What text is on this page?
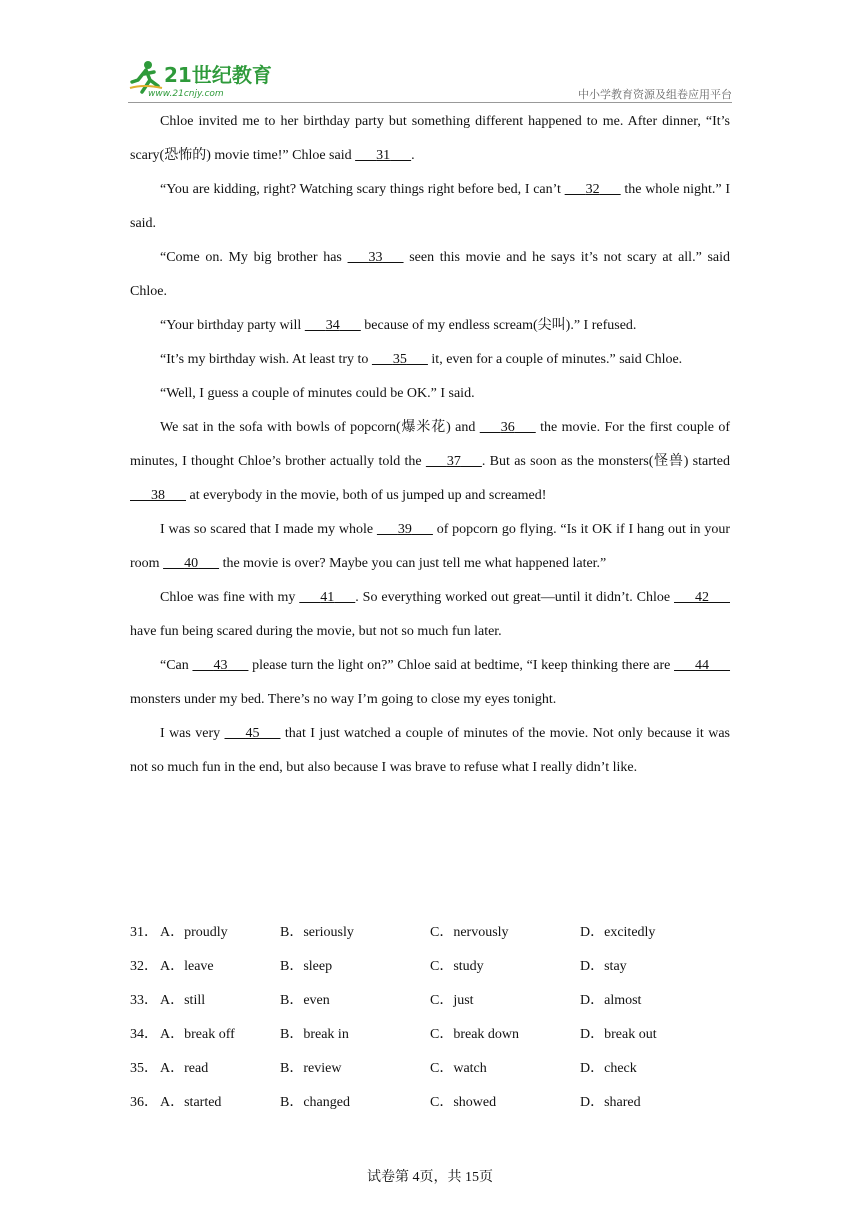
21世纪教育
www.21cnjy.com	中小学教育资源及组卷应用平台

Chloe invited me to her birthday party but something different happened to me. After dinner, “It’s scary(恐怖的) movie time!” Chloe said       31 .

“You are kidding, right? Watching scary things right before bed, I can’t       32       the whole night.” I said.

“Come on. My big brother has       33       seen this movie and he says it’s not scary at all.” said Chloe.

“Your birthday party will       34       because of my endless scream(尖叫).” I refused.

“It’s my birthday wish. At least try to       35       it, even for a couple of minutes.” said Chloe.

“Well, I guess a couple of minutes could be OK.” I said.

We sat in the sofa with bowls of popcorn(爆米花) and       36       the movie. For the first couple of minutes, I thought Chloe’s brother actually told the       37 . But as soon as the monsters(怪兽) started       38       at everybody in the movie, both of us jumped up and screamed!

I was so scared that I made my whole       39       of popcorn go flying. “Is it OK if I hang out in your room       40       the movie is over? Maybe you can just tell me what happened later.”

Chloe was fine with my       41 . So everything worked out great—until it didn’t. Chloe       42       have fun being scared during the movie, but not so much fun later.

“Can       43       please turn the light on?” Chloe said at bedtime, “I keep thinking there are       44       monsters under my bed. There’s no way I’m going to close my eyes tonight.

I was very       45       that I just watched a couple of minutes of the movie. Not only because it was not so much fun in the end, but also because I was brave to refuse what I really didn’t like.

31． A．proudly	B．seriously	C．nervously	D．excitedly
32． A．leave	B．sleep	C．study	D．stay
33． A．still	B．even	C．just	D．almost
34． A．break off	B．break in	C．break down	D．break out
35． A．read	B．review	C．watch	D．check
36． A．started	B．changed	C．showed	D．shared
试卷第 4页，共 15页
